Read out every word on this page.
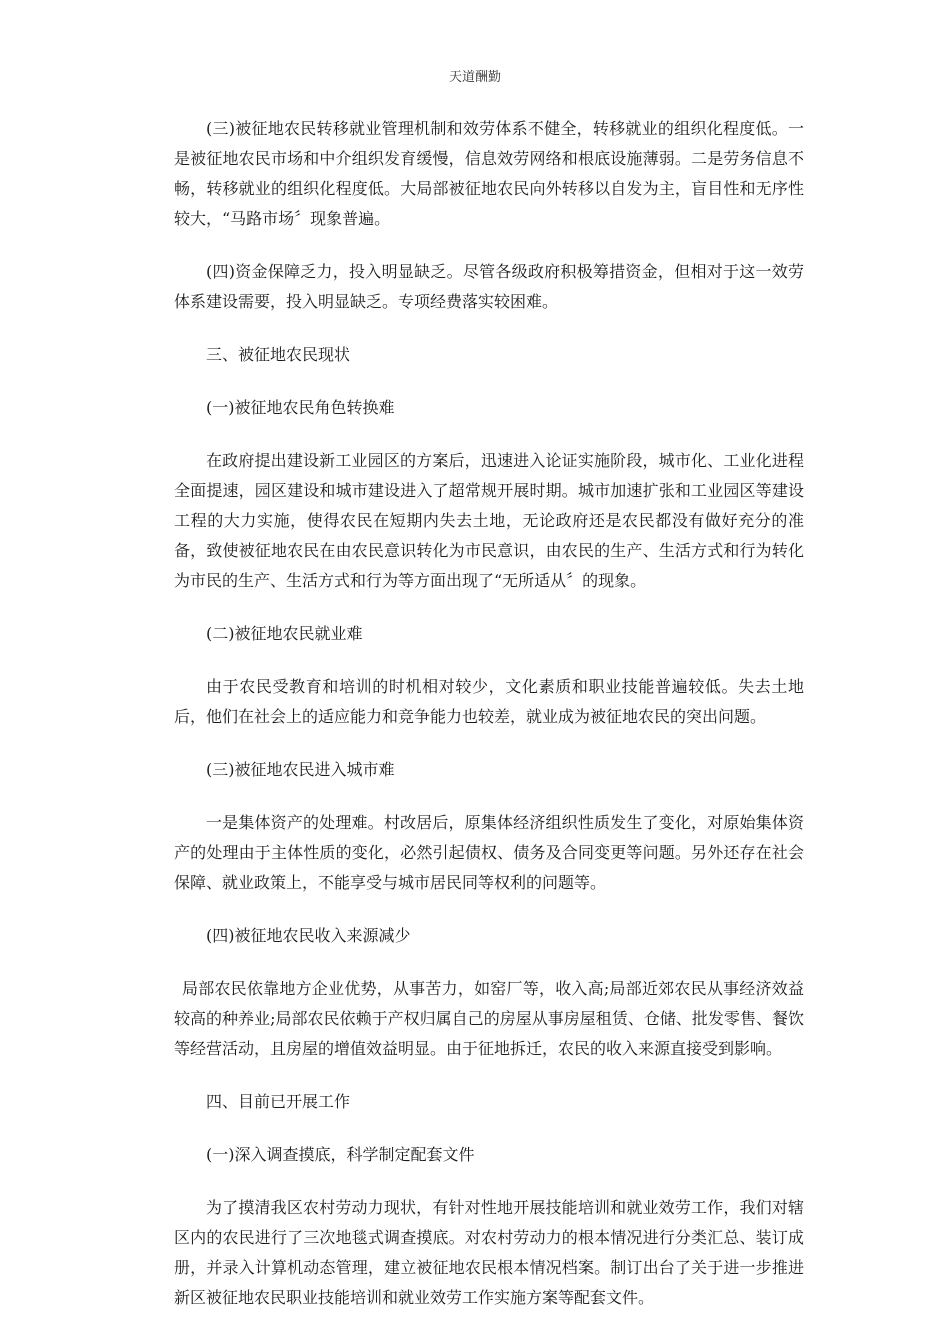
天道酬勤

(三)被征地农民转移就业管理机制和效劳体系不健全，转移就业的组织化程度低。一是被征地农民市场和中介组织发育缓慢，信息效劳网络和根底设施薄弱。二是劳务信息不畅，转移就业的组织化程度低。大局部被征地农民向外转移以自发为主，盲目性和无序性较大，“马路市场〞现象普遍。

(四)资金保障乏力，投入明显缺乏。尽管各级政府积极筹措资金，但相对于这一效劳体系建设需要，投入明显缺乏。专项经费落实较困难。

三、被征地农民现状

(一)被征地农民角色转换难

在政府提出建设新工业园区的方案后，迅速进入论证实施阶段，城市化、工业化进程全面提速，园区建设和城市建设进入了超常规开展时期。城市加速扩张和工业园区等建设工程的大力实施，使得农民在短期内失去土地，无论政府还是农民都没有做好充分的准备，致使被征地农民在由农民意识转化为市民意识，由农民的生产、生活方式和行为转化为市民的生产、生活方式和行为等方面出现了“无所适从〞的现象。

(二)被征地农民就业难

由于农民受教育和培训的时机相对较少，文化素质和职业技能普遍较低。失去土地后，他们在社会上的适应能力和竞争能力也较差，就业成为被征地农民的突出问题。

(三)被征地农民进入城市难

一是集体资产的处理难。村改居后，原集体经济组织性质发生了变化，对原始集体资产的处理由于主体性质的变化，必然引起债权、债务及合同变更等问题。另外还存在社会保障、就业政策上，不能享受与城市居民同等权利的问题等。

(四)被征地农民收入来源减少

局部农民依靠地方企业优势，从事苦力，如窑厂等，收入高;局部近郊农民从事经济效益较高的种养业;局部农民依赖于产权归属自己的房屋从事房屋租赁、仓储、批发零售、餐饮等经营活动，且房屋的增值效益明显。由于征地拆迁，农民的收入来源直接受到影响。

四、目前已开展工作

(一)深入调查摸底，科学制定配套文件

为了摸清我区农村劳动力现状，有针对性地开展技能培训和就业效劳工作，我们对辖区内的农民进行了三次地毯式调查摸底。对农村劳动力的根本情况进行分类汇总、装订成册，并录入计算机动态管理，建立被征地农民根本情况档案。制订出台了关于进一步推进新区被征地农民职业技能培训和就业效劳工作实施方案等配套文件。
